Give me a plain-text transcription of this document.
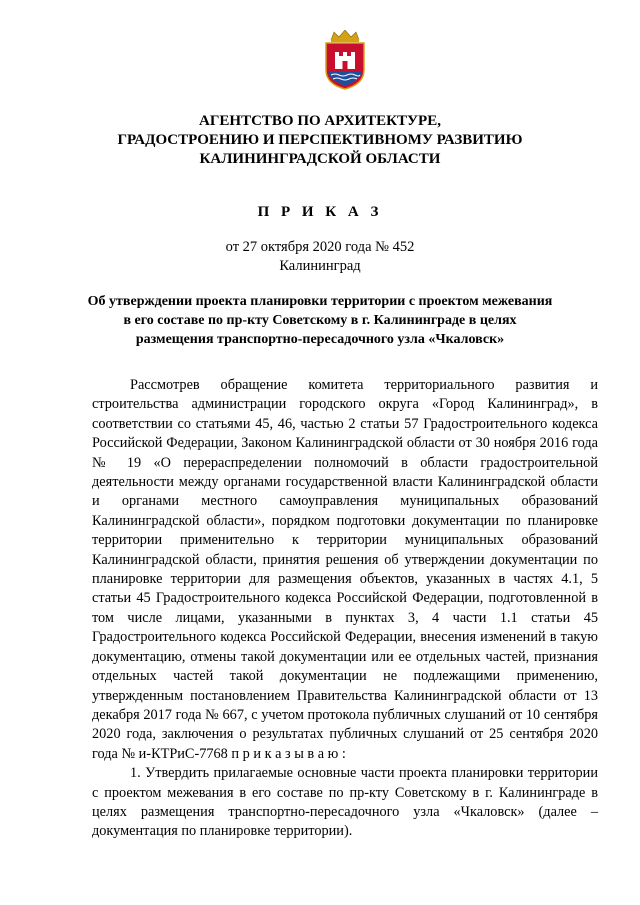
АГЕНТСТВО ПО АРХИТЕКТУРЕ,
ГРАДОСТРОЕНИЮ И ПЕРСПЕКТИВНОМУ РАЗВИТИЮ
КАЛИНИНГРАДСКОЙ ОБЛАСТИ
П Р И К А З
от 27 октября 2020 года № 452
Калининград
Об утверждении проекта планировки территории с проектом межевания
в его составе по пр-кту Советскому в г. Калининграде в целях
размещения транспортно-пересадочного узла «Чкаловск»

Рассмотрев обращение комитета территориального развития и строительства администрации городского округа «Город Калининград», в соответствии со статьями 45, 46, частью 2 статьи 57 Градостроительного кодекса Российской Федерации, Законом Калининградской области от 30 ноября 2016 года № 19 «О перераспределении полномочий в области градостроительной деятельности между органами государственной власти Калининградской области и органами местного самоуправления муниципальных образований Калининградской области», порядком подготовки документации по планировке территории применительно к территории муниципальных образований Калининградской области, принятия решения об утверждении документации по планировке территории для размещения объектов, указанных в частях 4.1, 5 статьи 45 Градостроительного кодекса Российской Федерации, подготовленной в том числе лицами, указанными в пунктах 3, 4 части 1.1 статьи 45 Градостроительного кодекса Российской Федерации, внесения изменений в такую документацию, отмены такой документации или ее отдельных частей, признания отдельных частей такой документации не подлежащими применению, утвержденным постановлением Правительства Калининградской области от 13 декабря 2017 года № 667, с учетом протокола публичных слушаний от 10 сентября 2020 года, заключения о результатах публичных слушаний от 25 сентября 2020 года № и-КТРиС-7768 п р и к а з ы в а ю :

1. Утвердить прилагаемые основные части проекта планировки территории с проектом межевания в его составе по пр-кту Советскому в г. Калининграде в целях размещения транспортно-пересадочного узла «Чкаловск» (далее – документация по планировке территории).
